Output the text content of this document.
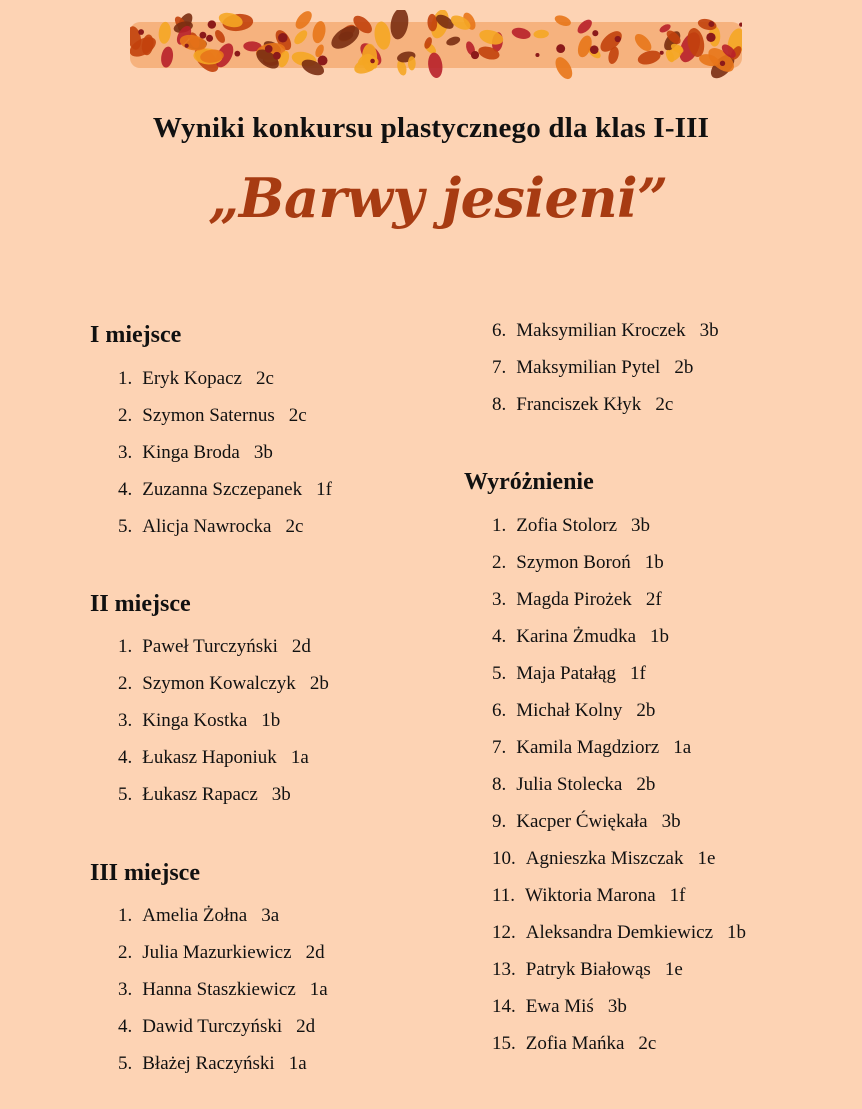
Wyniki konkursu plastycznego dla klas I-III
„Barwy jesieni”
I miejsce
1. Eryk Kopacz 2c
2. Szymon Saternus 2c
3. Kinga Broda 3b
4. Zuzanna Szczepanek 1f
5. Alicja Nawrocka 2c
II miejsce
1. Paweł Turczyński 2d
2. Szymon Kowalczyk 2b
3. Kinga Kostka 1b
4. Łukasz Haponiuk 1a
5. Łukasz Rapacz 3b
III miejsce
1. Amelia Żołna 3a
2. Julia Mazurkiewicz 2d
3. Hanna Staszkiewicz 1a
4. Dawid Turczyński 2d
5. Błażej Raczyński 1a
6. Maksymilian Kroczek 3b
7. Maksymilian Pytel 2b
8. Franciszek Kłyk 2c
Wyróżnienie
1. Zofia Stolorz 3b
2. Szymon Boroń 1b
3. Magda Pirożek 2f
4. Karina Żmudka 1b
5. Maja Patałąg 1f
6. Michał Kolny 2b
7. Kamila Magdziorz 1a
8. Julia Stolecka 2b
9. Kacper Ćwiękała 3b
10. Agnieszka Miszczak 1e
11. Wiktoria Marona 1f
12. Aleksandra Demkiewicz 1b
13. Patryk Białowąs 1e
14. Ewa Miś 3b
15. Zofia Mańka 2c
